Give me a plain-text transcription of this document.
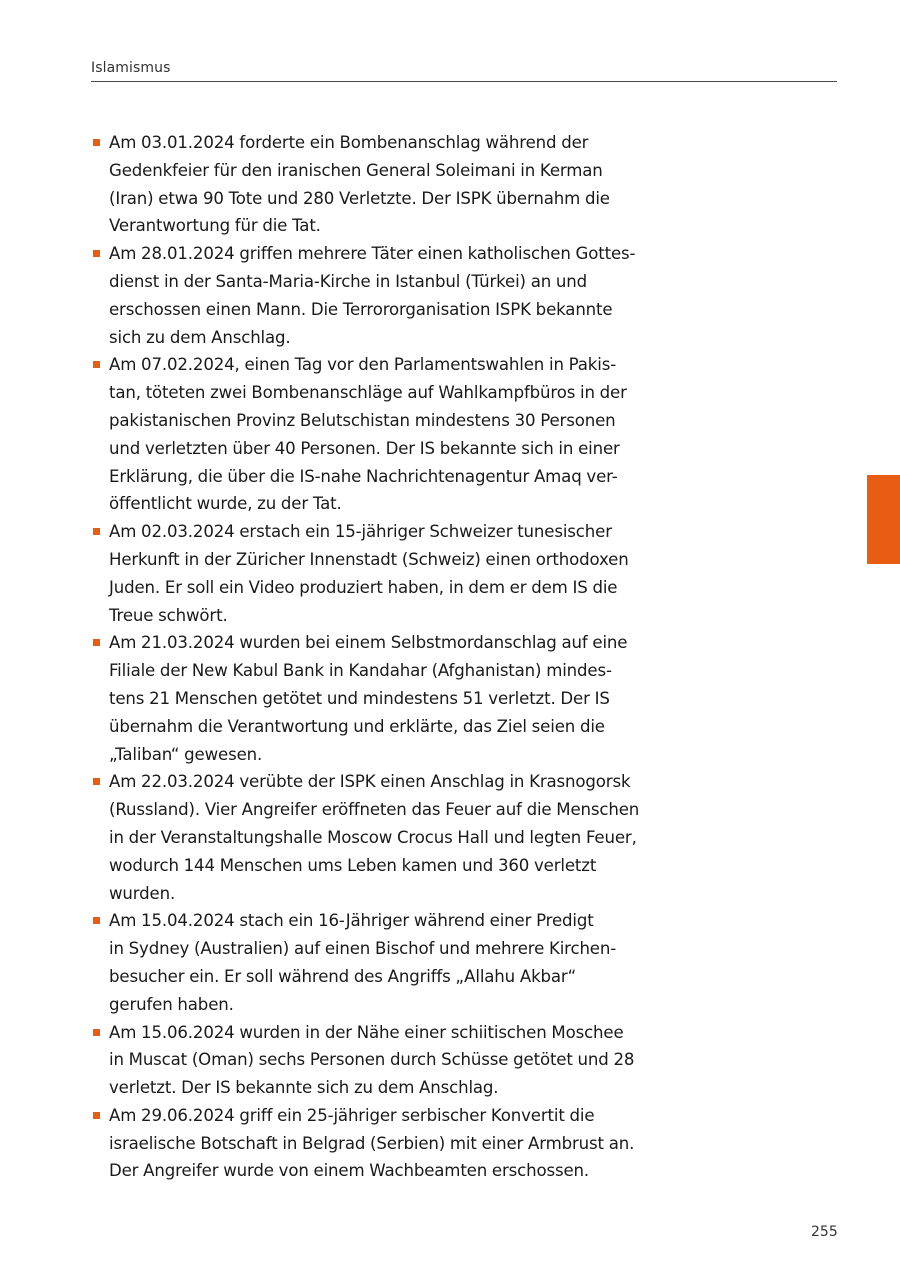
Islamismus
Am 03.01.2024 forderte ein Bombenanschlag während der
Gedenkfeier für den iranischen General Soleimani in Kerman
(Iran) etwa 90 Tote und 280 Verletzte. Der ISPK übernahm die
Verantwortung für die Tat.
Am 28.01.2024 griffen mehrere Täter einen katholischen Gottes-
dienst in der Santa-Maria-Kirche in Istanbul (Türkei) an und
erschossen einen Mann. Die Terrororganisation ISPK bekannte
sich zu dem Anschlag.
Am 07.02.2024, einen Tag vor den Parlamentswahlen in Pakis-
tan, töteten zwei Bombenanschläge auf Wahlkampfbüros in der
pakistanischen Provinz Belutschistan mindestens 30 Personen
und verletzten über 40 Personen. Der IS bekannte sich in einer
Erklärung, die über die IS-nahe Nachrichtenagentur Amaq ver-
öffentlicht wurde, zu der Tat.
Am 02.03.2024 erstach ein 15-jähriger Schweizer tunesischer
Herkunft in der Züricher Innenstadt (Schweiz) einen orthodoxen
Juden. Er soll ein Video produziert haben, in dem er dem IS die
Treue schwört.
Am 21.03.2024 wurden bei einem Selbstmordanschlag auf eine
Filiale der New Kabul Bank in Kandahar (Afghanistan) mindes-
tens 21 Menschen getötet und mindestens 51 verletzt. Der IS
übernahm die Verantwortung und erklärte, das Ziel seien die
„Taliban“ gewesen.
Am 22.03.2024 verübte der ISPK einen Anschlag in Krasnogorsk
(Russland). Vier Angreifer eröffneten das Feuer auf die Menschen
in der Veranstaltungshalle Moscow Crocus Hall und legten Feuer,
wodurch 144 Menschen ums Leben kamen und 360 verletzt
wurden.
Am 15.04.2024 stach ein 16-Jähriger während einer Predigt
in Sydney (Australien) auf einen Bischof und mehrere Kirchen-
besucher ein. Er soll während des Angriffs „Allahu Akbar“
gerufen haben.
Am 15.06.2024 wurden in der Nähe einer schiitischen Moschee
in Muscat (Oman) sechs Personen durch Schüsse getötet und 28
verletzt. Der IS bekannte sich zu dem Anschlag.
Am 29.06.2024 griff ein 25-jähriger serbischer Konvertit die
israelische Botschaft in Belgrad (Serbien) mit einer Armbrust an.
Der Angreifer wurde von einem Wachbeamten erschossen.
255
